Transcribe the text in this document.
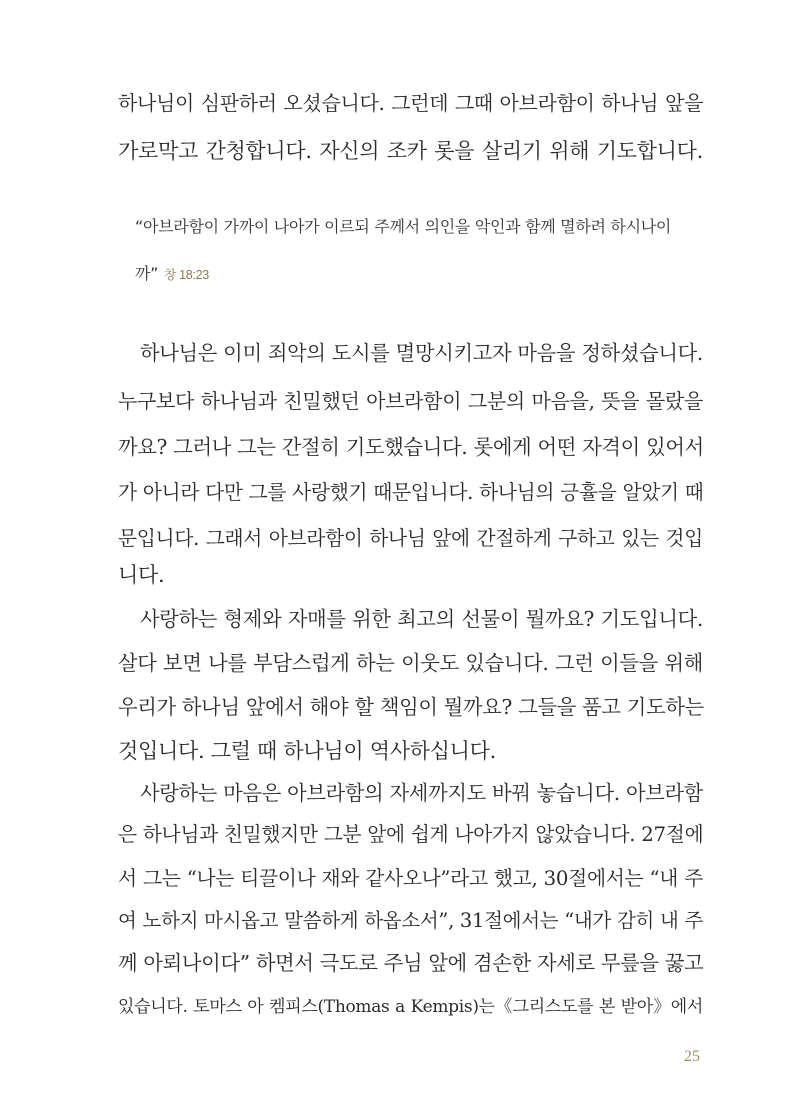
하나님이 심판하러 오셨습니다. 그런데 그때 아브라함이 하나님 앞을
가로막고 간청합니다. 자신의 조카 롯을 살리기 위해 기도합니다.
“아브라함이 가까이 나아가 이르되 주께서 의인을 악인과 함께 멸하려 하시나이
까” 창 18:23
하나님은 이미 죄악의 도시를 멸망시키고자 마음을 정하셨습니다.
누구보다 하나님과 친밀했던 아브라함이 그분의 마음을, 뜻을 몰랐을
까요? 그러나 그는 간절히 기도했습니다. 롯에게 어떤 자격이 있어서
가 아니라 다만 그를 사랑했기 때문입니다. 하나님의 긍휼을 알았기 때
문입니다. 그래서 아브라함이 하나님 앞에 간절하게 구하고 있는 것입
니다.
사랑하는 형제와 자매를 위한 최고의 선물이 뭘까요? 기도입니다.
살다 보면 나를 부담스럽게 하는 이웃도 있습니다. 그런 이들을 위해
우리가 하나님 앞에서 해야 할 책임이 뭘까요? 그들을 품고 기도하는
것입니다. 그럴 때 하나님이 역사하십니다.
사랑하는 마음은 아브라함의 자세까지도 바꿔 놓습니다. 아브라함
은 하나님과 친밀했지만 그분 앞에 쉽게 나아가지 않았습니다. 27절에
서 그는 “나는 티끌이나 재와 같사오나”라고 했고, 30절에서는 “내 주
여 노하지 마시옵고 말씀하게 하옵소서”, 31절에서는 “내가 감히 내 주
께 아뢰나이다” 하면서 극도로 주님 앞에 겸손한 자세로 무릎을 꿇고
있습니다. 토마스 아 켐피스(Thomas a Kempis)는《그리스도를 본 받아》에서
25
